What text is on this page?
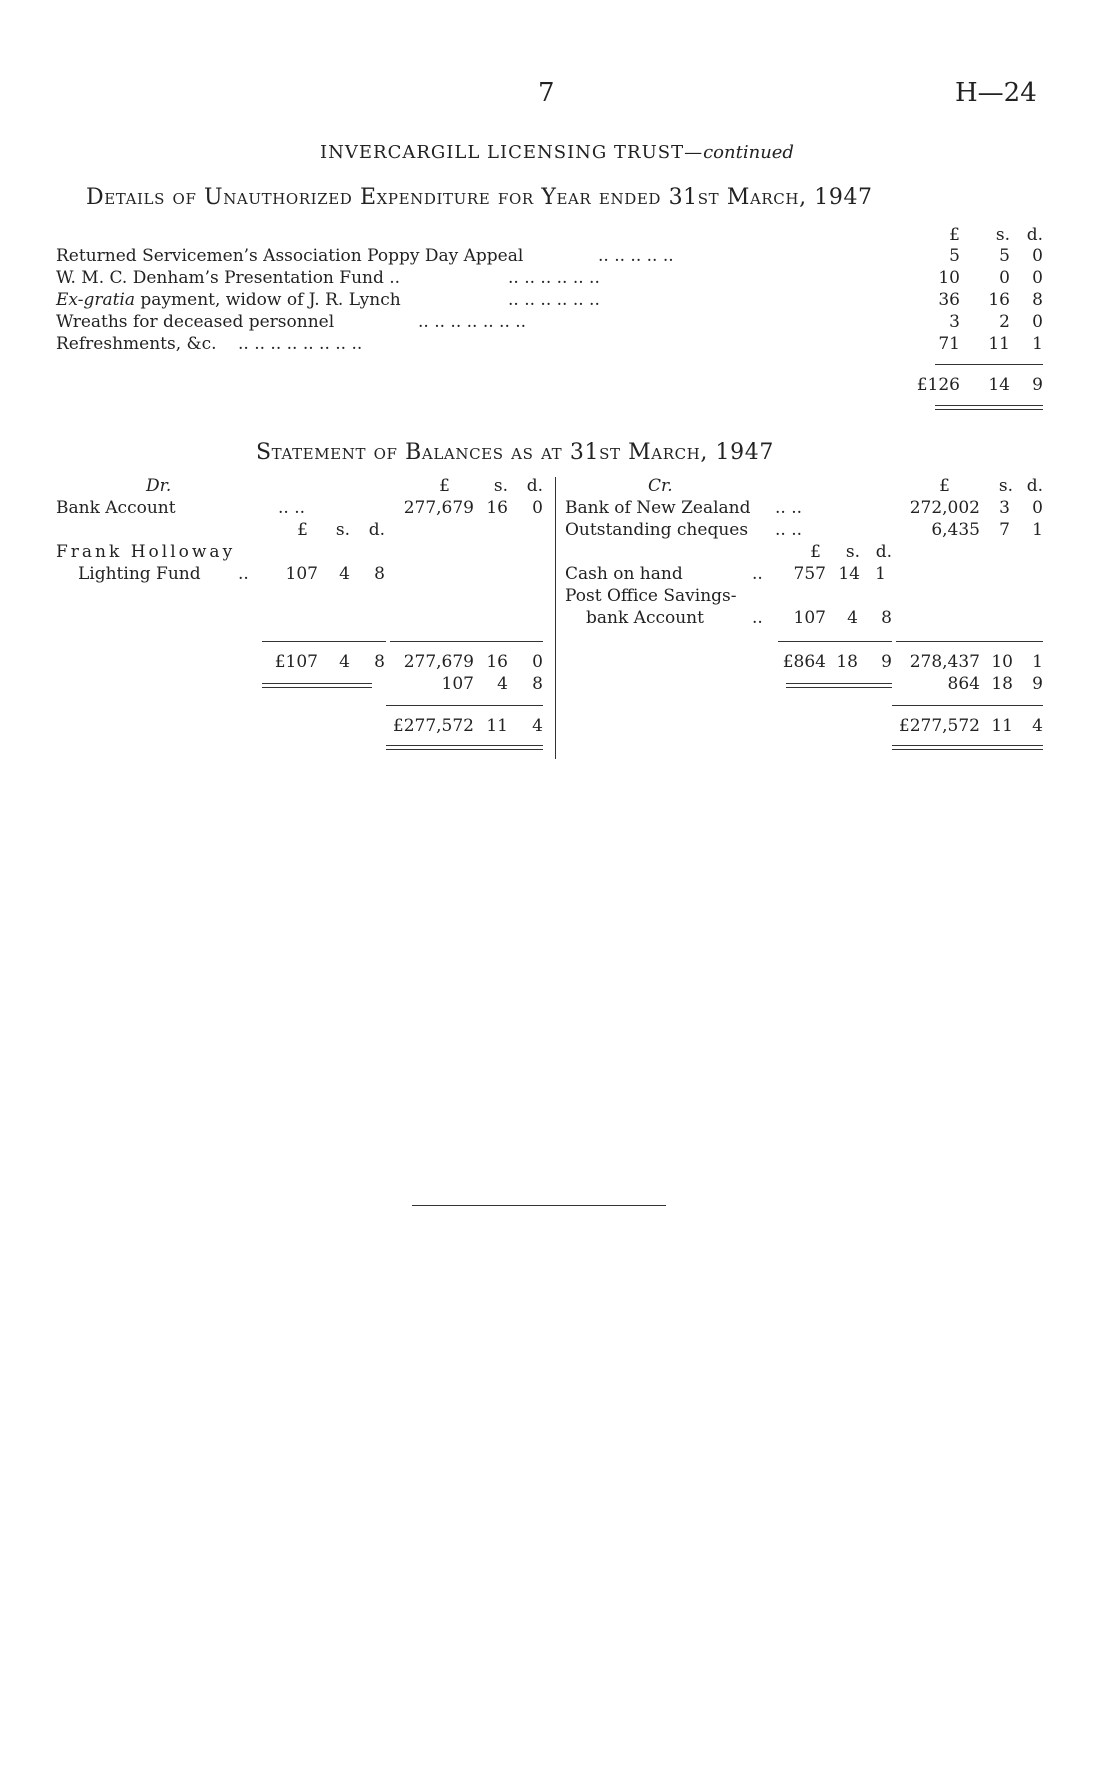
7	H—24
INVERCARGILL LICENSING TRUST—continued
Details of Unauthorized Expenditure for Year ended 31st March, 1947
£	s. d.
Returned Servicemen’s Association Poppy Day Appeal	.. .. .. .. ..	5	5	0
W. M. C. Denham’s Presentation Fund ..	.. .. .. .. .. ..	10	0	0
Ex-gratia payment, widow of J. R. Lynch	.. .. .. .. .. ..	36	16	8
Wreaths for deceased personnel	.. .. .. .. .. .. ..	3	2	0
Refreshments, &c. .. .. .. .. .. .. .. ..	71	11	1
£126	14	9
Statement of Balances as at 31st March, 1947
Dr.	£	s.	d.
Bank Account	.. ..	277,679 16	0
£	s.	d.
Frank Holloway
Lighting Fund ..	107	4	8
£107	4	8	277,679 16	0
107	4	8
£277,572 11	4
Cr.	£	s. d.
Bank of New Zealand .. ..	272,002	3	0
Outstanding cheques .. ..	6,435	7	1
£	s. d.
Cash on hand	..	757 14 1
Post Office Savings-
bank Account	..	107	4	8
£864 18	9	278,437 10	1
864 18	9
£277,572 11	4
